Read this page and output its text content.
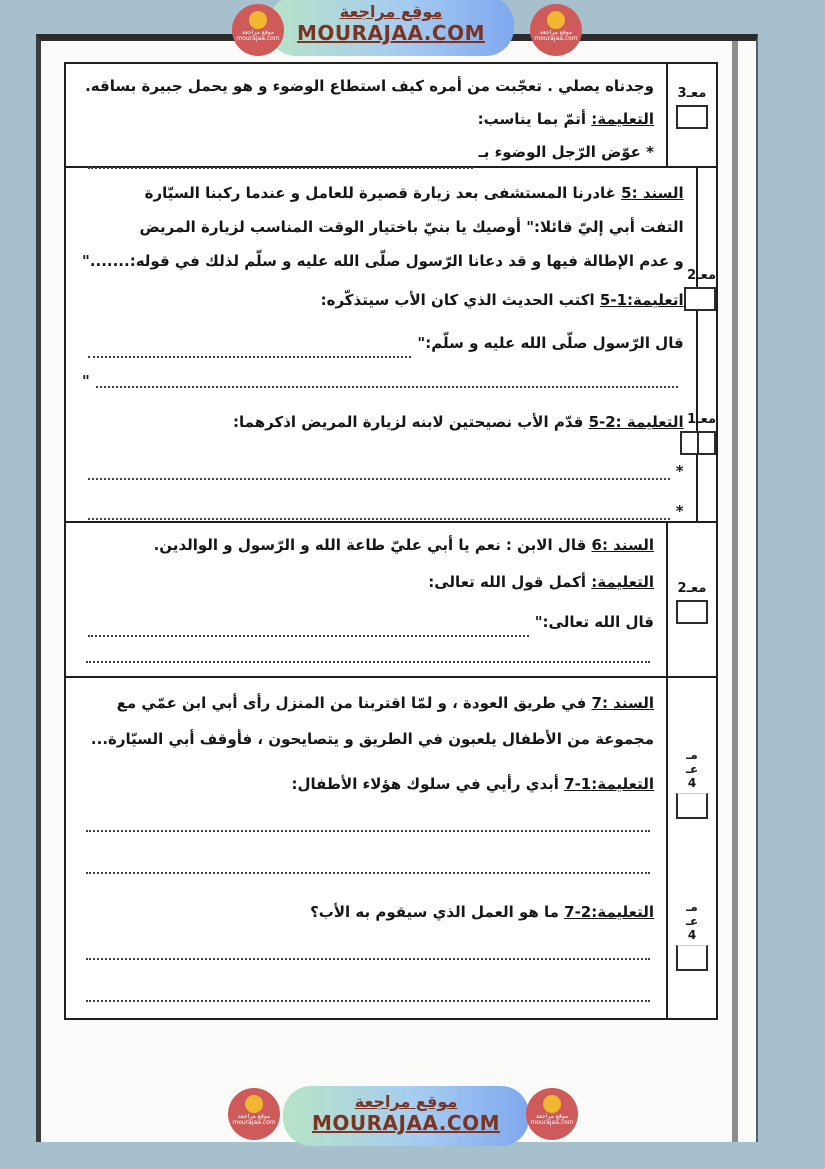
موقع مراجعة
MOURAJAA.COM
موقع مراجعة
mourajaa.com
موقع مراجعة
mourajaa.com
وجدناه يصلي . تعجّبت من أمره كيف استطاع الوضوء و هو يحمل جبيرة بساقه.
التعليمة: أتمّ بما يناسب:
* عوّض الرّجل الوضوء بـ
معـ3
السند :5 غادرنا المستشفى بعد زيارة قصيرة للعامل و عندما ركبنا السيّارة
التفت أبي إليّ قائلا:" أوصيك يا بنيّ باختيار الوقت المناسب لزيارة المريض
و عدم الإطالة فيها و قد دعانا الرّسول صلّى الله عليه و سلّم لذلك في قوله:......."
اتعليمة:1-5 اكتب الحديث الذي كان الأب سيتذكّره:
قال الرّسول صلّى الله عليه و سلّم:"
"
التعليمة :2-5 قدّم الأب نصيحتين لابنه لزيارة المريض اذكرهما:
*
*
معـ2
معـ1
السند :6 قال الابن : نعم يا أبي عليّ طاعة الله و الرّسول و الوالدين.
التعليمة: أكمل قول الله تعالى:
قال الله تعالى:"
معـ2
السند :7 في طريق العودة ، و لمّا اقتربنا من المنزل رأى أبي ابن عمّي مع
مجموعة من الأطفال يلعبون في الطريق و يتصايحون ، فأوقف أبي السيّارة...
التعليمة:1-7 أبدي رأيي في سلوك هؤلاء الأطفال:
التعليمة:2-7 ما هو العمل الذي سيقوم به الأب؟
مـ
عـ
4
مـ
عـ
4
موقع مراجعة
MOURAJAA.COM
موقع مراجعة
mourajaa.com
موقع مراجعة
mourajaa.com
